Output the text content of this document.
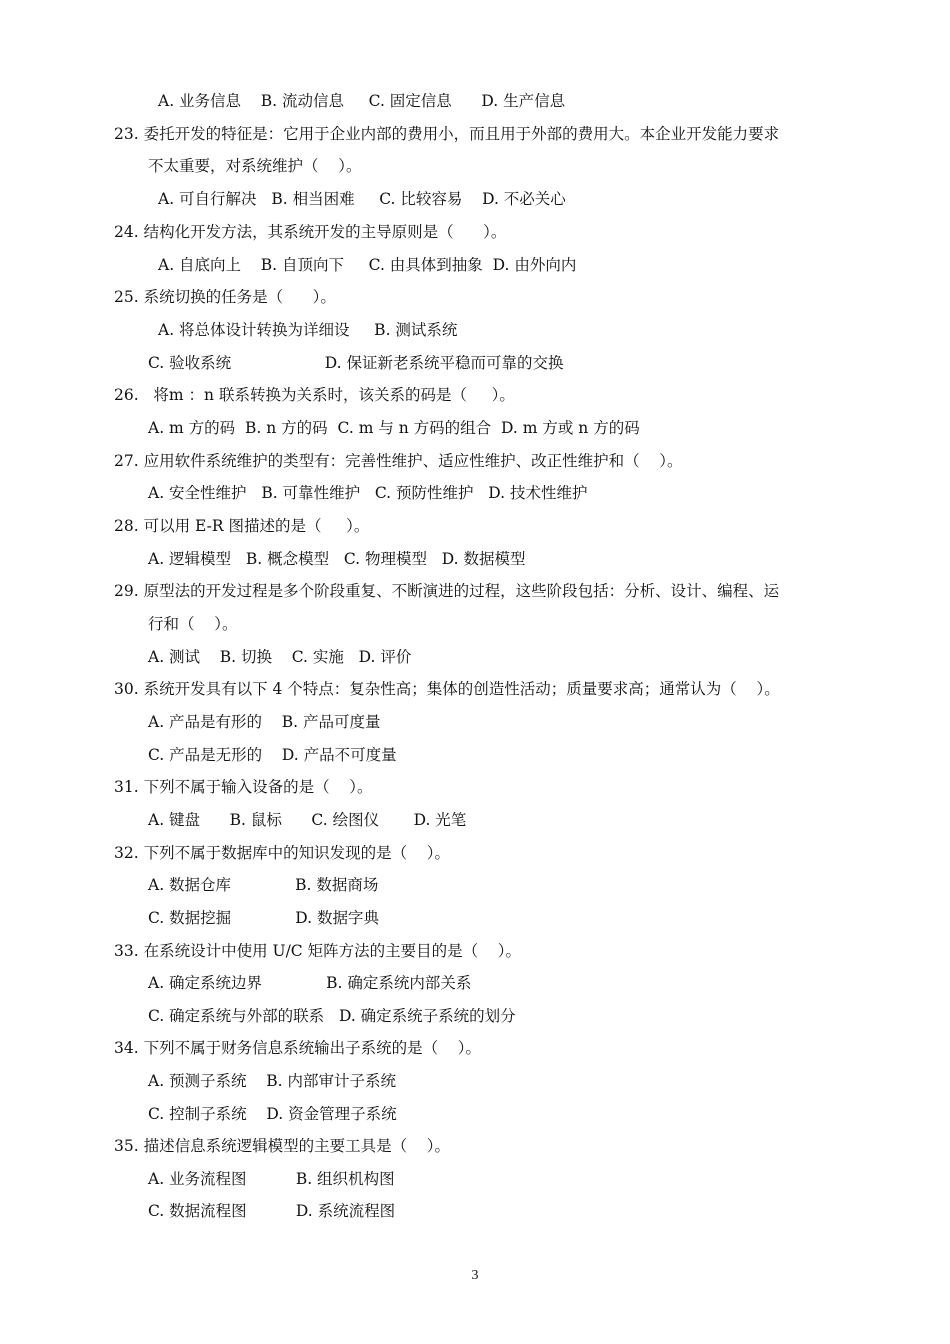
A. 业务信息    B. 流动信息     C. 固定信息      D. 生产信息
23. 委托开发的特征是：它用于企业内部的费用小，而且用于外部的费用大。本企业开发能力要求
不太重要，对系统维护（    ）。
A. 可自行解决   B. 相当困难     C. 比较容易    D. 不必关心
24. 结构化开发方法，其系统开发的主导原则是（      ）。
A. 自底向上    B. 自顶向下     C. 由具体到抽象  D. 由外向内
25. 系统切换的任务是（      ）。
A. 将总体设计转换为详细设     B. 测试系统
C. 验收系统                   D. 保证新老系统平稳而可靠的交换
26.   将m ：n 联系转换为关系时，该关系的码是（     ）。
A. m 方的码  B. n 方的码  C. m 与 n 方码的组合  D. m 方或 n 方的码
27. 应用软件系统维护的类型有：完善性维护、适应性维护、改正性维护和（    ）。
A. 安全性维护   B. 可靠性维护   C. 预防性维护   D. 技术性维护
28. 可以用 E-R 图描述的是（     ）。
A. 逻辑模型   B. 概念模型   C. 物理模型   D. 数据模型
29. 原型法的开发过程是多个阶段重复、不断演进的过程，这些阶段包括：分析、设计、编程、运
行和（    ）。
A. 测试    B. 切换    C. 实施   D. 评价
30. 系统开发具有以下 4 个特点：复杂性高；集体的创造性活动；质量要求高；通常认为（    ）。
A. 产品是有形的    B. 产品可度量
C. 产品是无形的    D. 产品不可度量
31. 下列不属于输入设备的是（    ）。
A. 键盘      B. 鼠标      C. 绘图仪       D. 光笔
32. 下列不属于数据库中的知识发现的是（    ）。
A. 数据仓库             B. 数据商场
C. 数据挖掘             D. 数据字典
33. 在系统设计中使用 U/C 矩阵方法的主要目的是（    ）。
A. 确定系统边界             B. 确定系统内部关系
C. 确定系统与外部的联系   D. 确定系统子系统的划分
34. 下列不属于财务信息系统输出子系统的是（    ）。
A. 预测子系统    B. 内部审计子系统
C. 控制子系统    D. 资金管理子系统
35. 描述信息系统逻辑模型的主要工具是（    ）。
A. 业务流程图          B. 组织机构图
C. 数据流程图          D. 系统流程图
3
